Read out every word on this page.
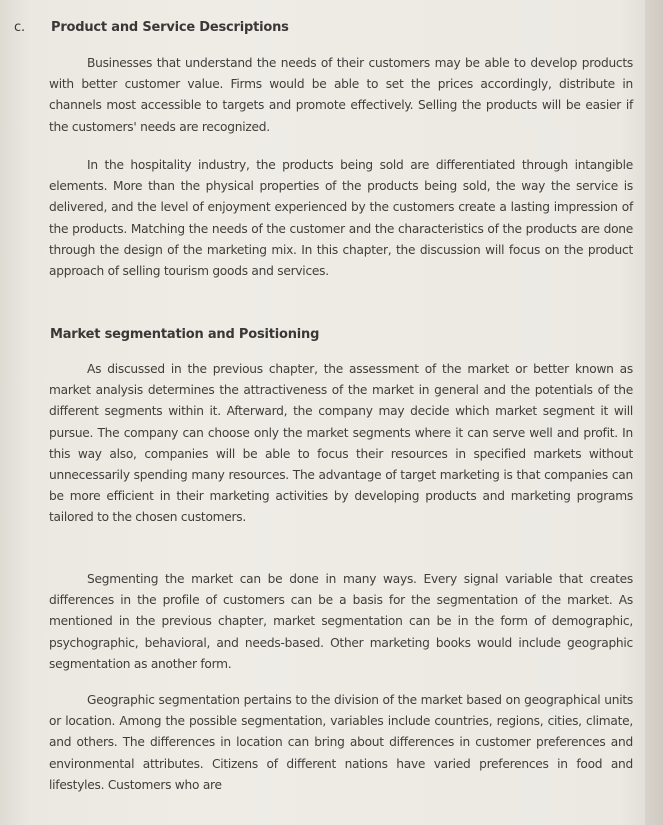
c. Product and Service Descriptions

Businesses that understand the needs of their customers may be able to develop products with better customer value. Firms would be able to set the prices accordingly, distribute in channels most accessible to targets and promote effectively. Selling the products will be easier if the customers' needs are recognized.

In the hospitality industry, the products being sold are differentiated through intangible elements. More than the physical properties of the products being sold, the way the service is delivered, and the level of enjoyment experienced by the customers create a lasting impression of the products. Matching the needs of the customer and the characteristics of the products are done through the design of the marketing mix. In this chapter, the discussion will focus on the product approach of selling tourism goods and services.

Market segmentation and Positioning

As discussed in the previous chapter, the assessment of the market or better known as market analysis determines the attractiveness of the market in general and the potentials of the different segments within it. Afterward, the company may decide which market segment it will pursue. The company can choose only the market segments where it can serve well and profit. In this way also, companies will be able to focus their resources in specified markets without unnecessarily spending many resources. The advantage of target marketing is that companies can be more efficient in their marketing activities by developing products and marketing programs tailored to the chosen customers.

Segmenting the market can be done in many ways. Every signal variable that creates differences in the profile of customers can be a basis for the segmentation of the market. As mentioned in the previous chapter, market segmentation can be in the form of demographic, psychographic, behavioral, and needs-based. Other marketing books would include geographic segmentation as another form.

Geographic segmentation pertains to the division of the market based on geographical units or location. Among the possible segmentation, variables include countries, regions, cities, climate, and others. The differences in location can bring about differences in customer preferences and environmental attributes. Citizens of different nations have varied preferences in food and lifestyles. Customers who are
